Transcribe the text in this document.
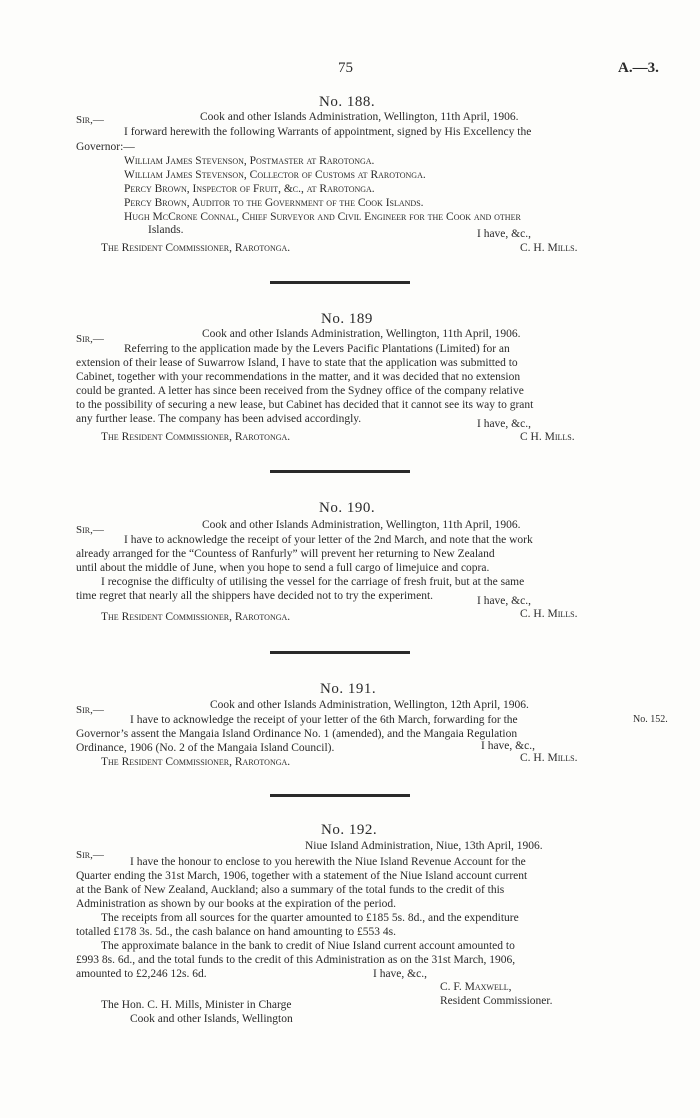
75	A.—3.
No. 188.
Sir,—	Cook and other Islands Administration, Wellington, 11th April, 1906.
I forward herewith the following Warrants of appointment, signed by His Excellency the
Governor:—
William James Stevenson, Postmaster at Rarotonga.
William James Stevenson, Collector of Customs at Rarotonga.
Percy Brown, Inspector of Fruit, &c., at Rarotonga.
Percy Brown, Auditor to the Government of the Cook Islands.
Hugh McCrone Connal, Chief Surveyor and Civil Engineer for the Cook and other
Islands.	I have, &c.,
The Resident Commissioner, Rarotonga.	C. H. Mills.
No. 189
Sir,—	Cook and other Islands Administration, Wellington, 11th April, 1906.
Referring to the application made by the Levers Pacific Plantations (Limited) for an
extension of their lease of Suwarrow Island, I have to state that the application was submitted to
Cabinet, together with your recommendations in the matter, and it was decided that no extension
could be granted. A letter has since been received from the Sydney office of the company relative
to the possibility of securing a new lease, but Cabinet has decided that it cannot see its way to grant
any further lease. The company has been advised accordingly.	I have, &c.,
The Resident Commissioner, Rarotonga.	C H. Mills.
No. 190.
Sir,—	Cook and other Islands Administration, Wellington, 11th April, 1906.
I have to acknowledge the receipt of your letter of the 2nd March, and note that the work
already arranged for the “Countess of Ranfurly” will prevent her returning to New Zealand
until about the middle of June, when you hope to send a full cargo of limejuice and copra.
I recognise the difficulty of utilising the vessel for the carriage of fresh fruit, but at the same
time regret that nearly all the shippers have decided not to try the experiment.	I have, &c.,
The Resident Commissioner, Rarotonga.	C. H. Mills.
No. 191.
Sir,—	Cook and other Islands Administration, Wellington, 12th April, 1906.
I have to acknowledge the receipt of your letter of the 6th March, forwarding for the	No. 152.
Governor’s assent the Mangaia Island Ordinance No. 1 (amended), and the Mangaia Regulation
Ordinance, 1906 (No. 2 of the Mangaia Island Council).	I have, &c.,
The Resident Commissioner, Rarotonga.	C. H. Mills.
No. 192.
Sir,—
Niue Island Administration, Niue, 13th April, 1906.
I have the honour to enclose to you herewith the Niue Island Revenue Account for the
Quarter ending the 31st March, 1906, together with a statement of the Niue Island account current
at the Bank of New Zealand, Auckland; also a summary of the total funds to the credit of this
Administration as shown by our books at the expiration of the period.
The receipts from all sources for the quarter amounted to £185 5s. 8d., and the expenditure
totalled £178 3s. 5d., the cash balance on hand amounting to £553 4s.
The approximate balance in the bank to credit of Niue Island current account amounted to
£993 8s. 6d., and the total funds to the credit of this Administration as on the 31st March, 1906,
amounted to £2,246 12s. 6d.	I have, &c.,
C. F. Maxwell,
Resident Commissioner.
The Hon. C. H. Mills, Minister in Charge
Cook and other Islands, Wellington
